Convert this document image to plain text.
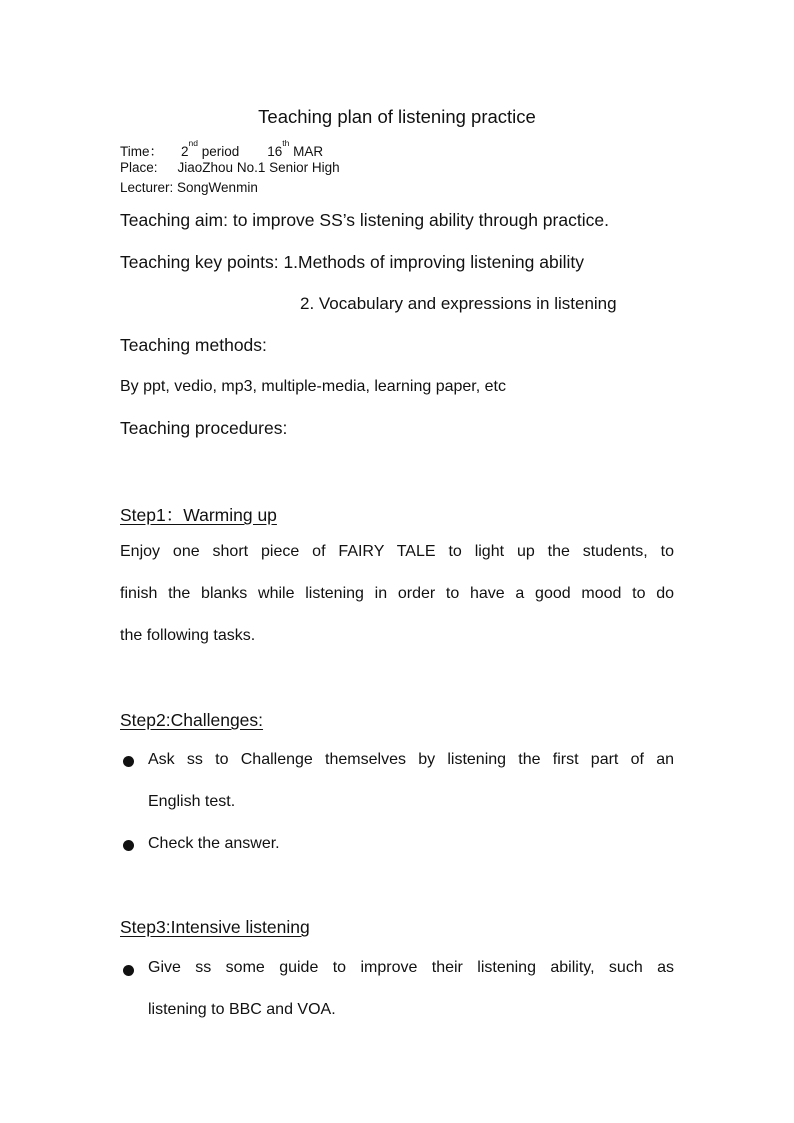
Teaching plan of listening practice
Time： 2nd period 16th MAR
Place: JiaoZhou No.1 Senior High
Lecturer: SongWenmin
Teaching aim: to improve SS’s listening ability through practice.
Teaching key points: 1.Methods of improving listening ability
2. Vocabulary and expressions in listening
Teaching methods:
By ppt, vedio, mp3, multiple-media, learning paper, etc
Teaching procedures:
Step1：Warming up
Enjoy one short piece of FAIRY TALE to light up the students, to
finish the blanks while listening in order to have a good mood to do
the following tasks.
Step2:Challenges:
Ask ss to Challenge themselves by listening the first part of an
English test.
Check the answer.
Step3:Intensive listening
Give ss some guide to improve their listening ability, such as
listening to BBC and VOA.
